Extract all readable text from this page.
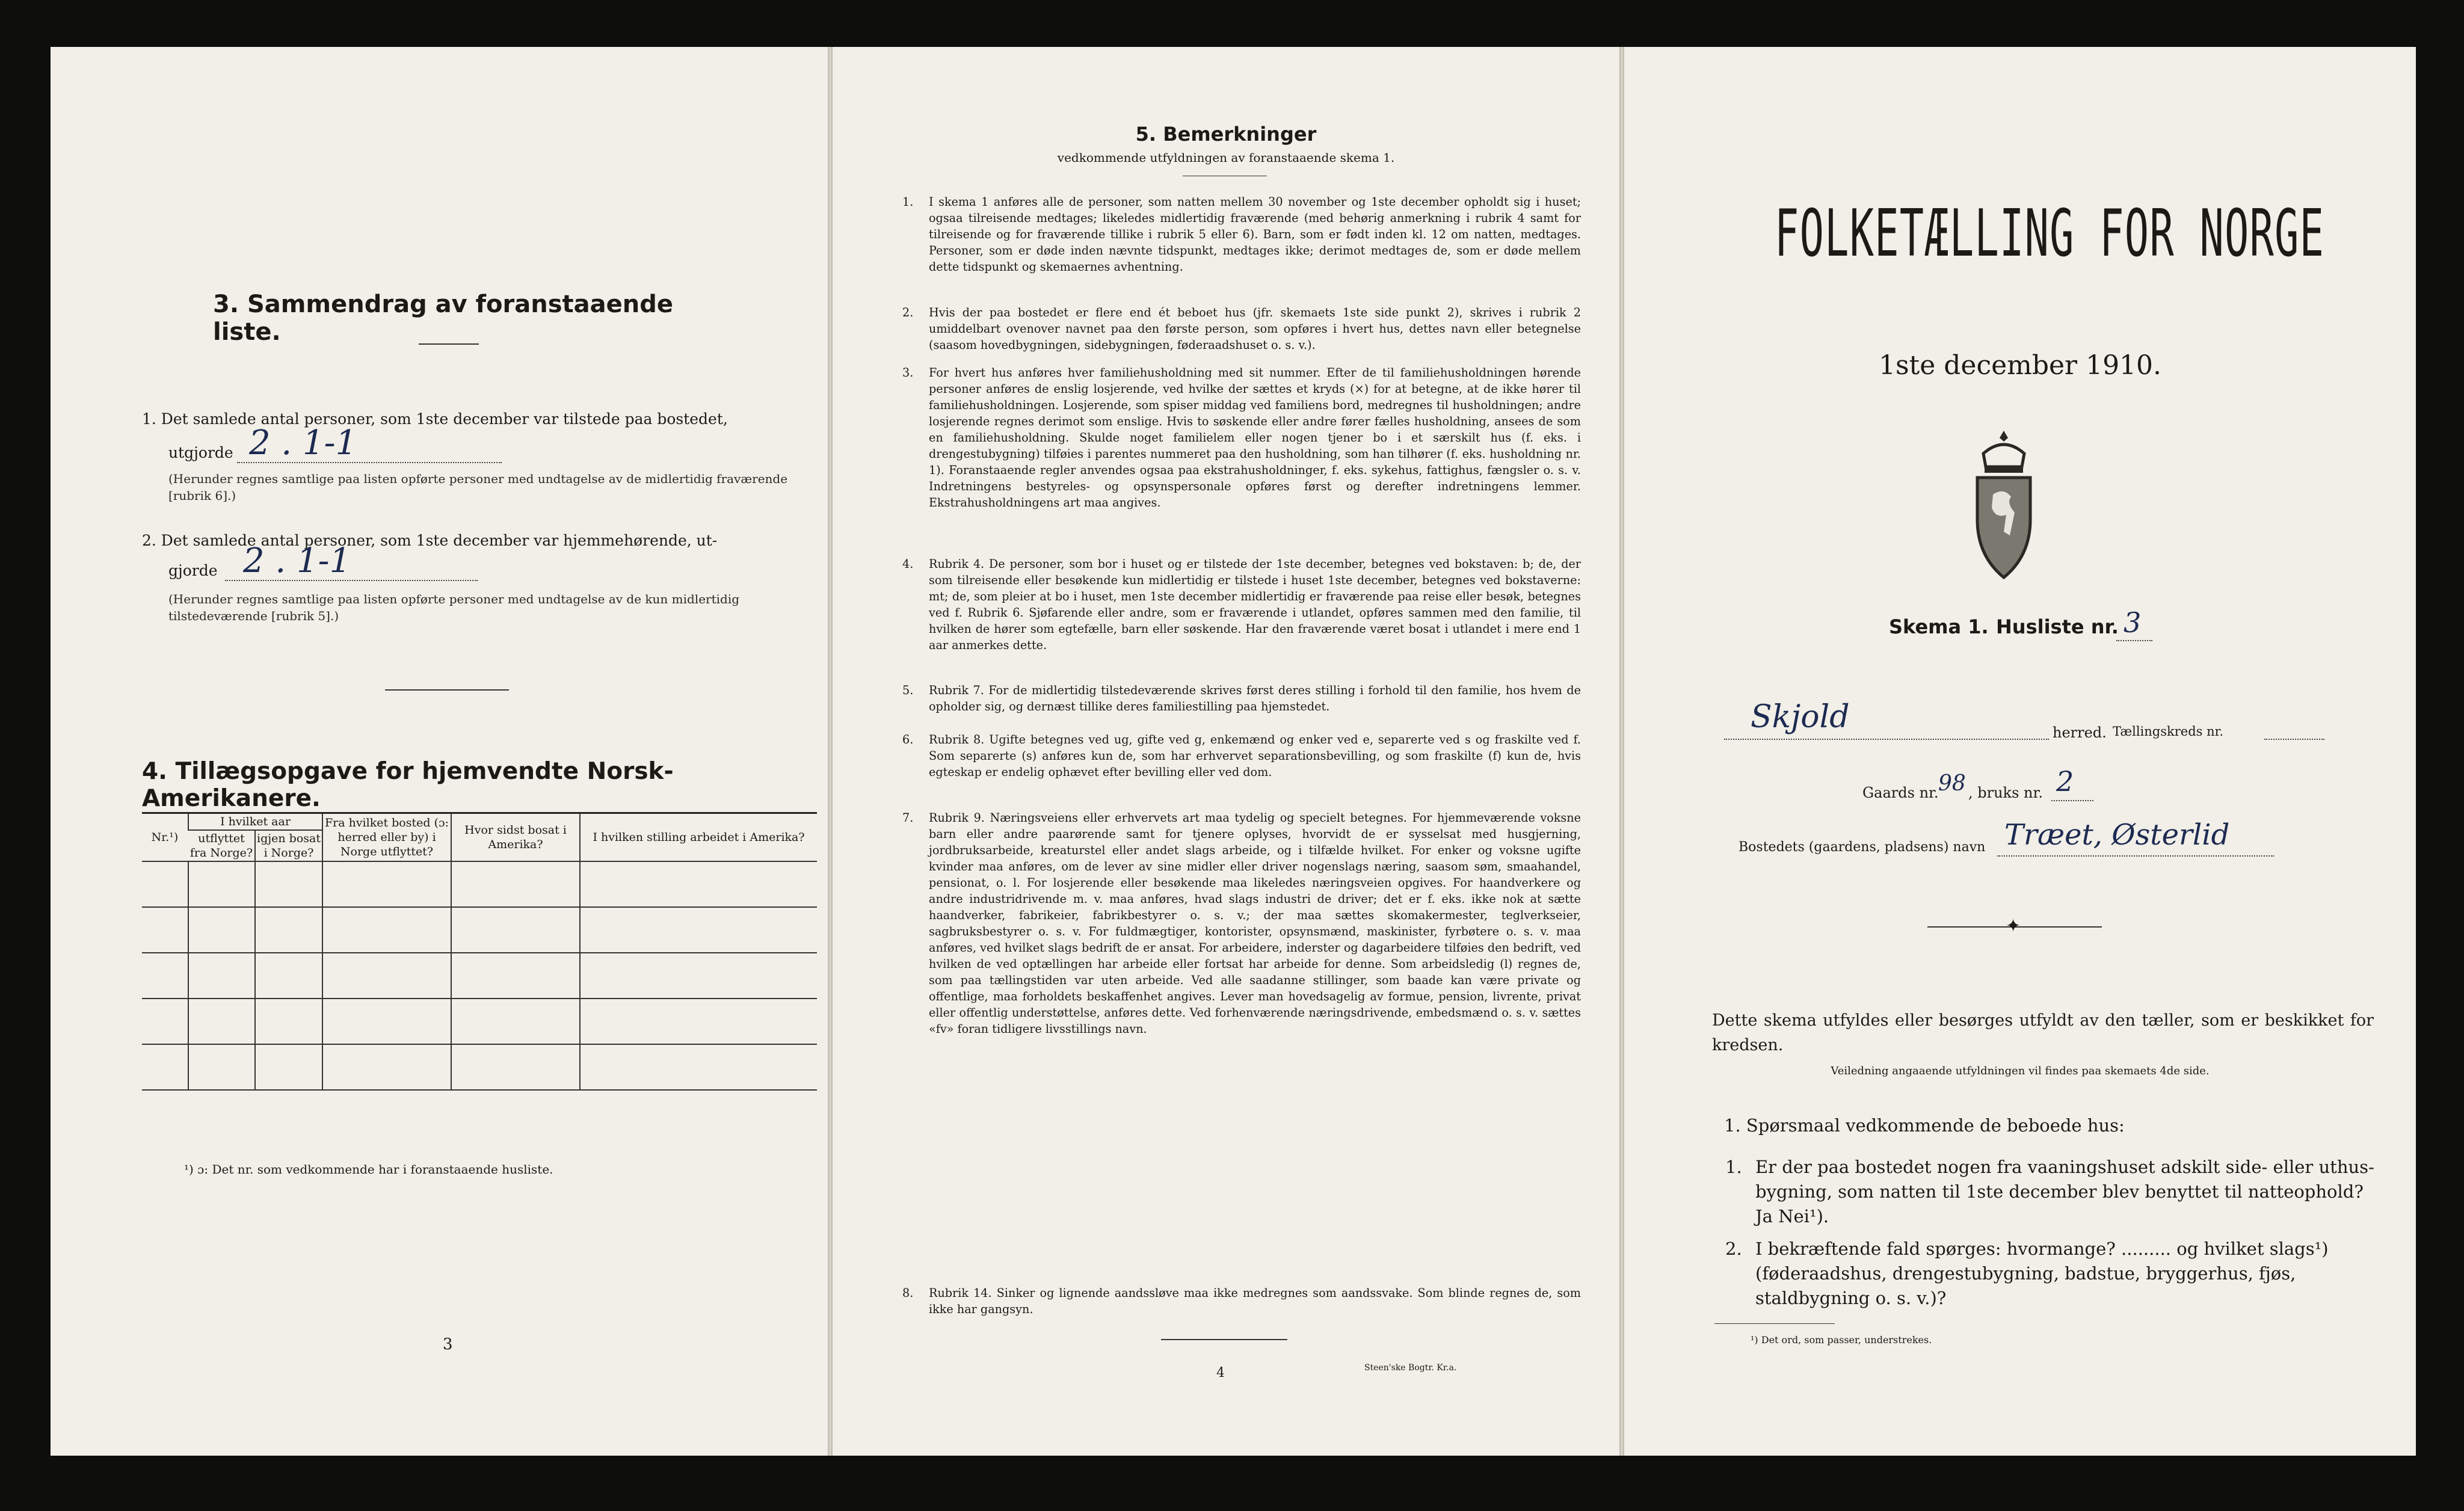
3. Sammendrag av foranstaaende liste.
1. Det samlede antal personer, som 1ste december var tilstede paa bostedet,
utgjorde 2 . 1-1
(Herunder regnes samtlige paa listen opførte personer med undtagelse av de midlertidig fraværende [rubrik 6].)
2. Det samlede antal personer, som 1ste december var hjemmehørende, ut-
gjorde 2 . 1-1
(Herunder regnes samtlige paa listen opførte personer med undtagelse av de kun midlertidig tilstedeværende [rubrik 5].)
4. Tillægsopgave for hjemvendte Norsk-Amerikanere.
Nr.¹)	I hvilket aar		Fra hvilket bosted (ɔ: herred eller by) i Norge utflyttet?	Hvor sidst bosat i Amerika?	I hvilken stilling arbeidet i Amerika?
	utflyttet fra Norge?	igjen bosat i Norge?			

¹) ɔ: Det nr. som vedkommende har i foranstaaende husliste.
3
5. Bemerkninger
vedkommende utfyldningen av foranstaaende skema 1.
1. I skema 1 anføres alle de personer, som natten mellem 30 november og 1ste december opholdt sig i huset; ogsaa tilreisende medtages; likeledes midlertidig fraværende (med behørig anmerkning i rubrik 4 samt for tilreisende og for fraværende tillike i rubrik 5 eller 6). Barn, som er født inden kl. 12 om natten, medtages. Personer, som er døde inden nævnte tidspunkt, medtages ikke; derimot medtages de, som er døde mellem dette tidspunkt og skemaernes avhentning.
2. Hvis der paa bostedet er flere end ét beboet hus (jfr. skemaets 1ste side punkt 2), skrives i rubrik 2 umiddelbart ovenover navnet paa den første person, som opføres i hvert hus, dettes navn eller betegnelse (saasom hovedbygningen, sidebygningen, føderaadshuset o. s. v.).
3. For hvert hus anføres hver familiehusholdning med sit nummer. Efter de til familiehusholdningen hørende personer anføres de enslig losjerende, ved hvilke der sættes et kryds (×) for at betegne, at de ikke hører til familiehusholdningen. Losjerende, som spiser middag ved familiens bord, medregnes til husholdningen; andre losjerende regnes derimot som enslige. Hvis to søskende eller andre fører fælles husholdning, ansees de som en familiehusholdning. Skulde noget familielem eller nogen tjener bo i et særskilt hus (f. eks. i drengestubygning) tilføies i parentes nummeret paa den husholdning, som han tilhører (f. eks. husholdning nr. 1). Foranstaaende regler anvendes ogsaa paa ekstrahusholdninger, f. eks. sykehus, fattighus, fængsler o. s. v. Indretningens bestyreles- og opsynspersonale opføres først og derefter indretningens lemmer. Ekstrahusholdningens art maa angives.
4. Rubrik 4. De personer, som bor i huset og er tilstede der 1ste december, betegnes ved bokstaven: b; de, der som tilreisende eller besøkende kun midlertidig er tilstede i huset 1ste december, betegnes ved bokstaverne: mt; de, som pleier at bo i huset, men 1ste december midlertidig er fraværende paa reise eller besøk, betegnes ved f. Rubrik 6. Sjøfarende eller andre, som er fraværende i utlandet, opføres sammen med den familie, til hvilken de hører som egtefælle, barn eller søskende. Har den fraværende været bosat i utlandet i mere end 1 aar anmerkes dette.
5. Rubrik 7. For de midlertidig tilstedeværende skrives først deres stilling i forhold til den familie, hos hvem de opholder sig, og dernæst tillike deres familiestilling paa hjemstedet.
6. Rubrik 8. Ugifte betegnes ved ug, gifte ved g, enkemænd og enker ved e, separerte ved s og fraskilte ved f. Som separerte (s) anføres kun de, som har erhvervet separationsbevilling, og som fraskilte (f) kun de, hvis egteskap er endelig ophævet efter bevilling eller ved dom.
7. Rubrik 9. Næringsveiens eller erhvervets art maa tydelig og specielt betegnes. For hjemmeværende voksne barn eller andre paarørende samt for tjenere oplyses, hvorvidt de er sysselsat med husgjerning, jordbruksarbeide, kreaturstel eller andet slags arbeide, og i tilfælde hvilket. For enker og voksne ugifte kvinder maa anføres, om de lever av sine midler eller driver nogenslags næring, saasom søm, smaahandel, pensionat, o. l. For losjerende eller besøkende maa likeledes næringsveien opgives. For haandverkere og andre industridrivende m. v. maa anføres, hvad slags industri de driver; det er f. eks. ikke nok at sætte haandverker, fabrikeier, fabrikbestyrer o. s. v.; der maa sættes skomakermester, teglverkseier, sagbruksbestyrer o. s. v. For fuldmægtiger, kontorister, opsynsmænd, maskinister, fyrbøtere o. s. v. maa anføres, ved hvilket slags bedrift de er ansat. For arbeidere, inderster og dagarbeidere tilføies den bedrift, ved hvilken de ved optællingen har arbeide eller fortsat har arbeide for denne. Som arbeidsledig (l) regnes de, som paa tællingstiden var uten arbeide. Ved alle saadanne stillinger, som baade kan være private og offentlige, maa forholdets beskaffenhet angives. Lever man hovedsagelig av formue, pension, livrente, privat eller offentlig understøttelse, anføres dette. Ved forhenværende næringsdrivende, embedsmænd o. s. v. sættes «fv» foran tidligere livsstillings navn.
8. Rubrik 14. Sinker og lignende aandssløve maa ikke medregnes som aandssvake. Som blinde regnes de, som ikke har gangsyn.
4	Steen'ske Bogtr. Kr.a.
FOLKETÆLLING FOR NORGE
1ste december 1910.
Skema 1. Husliste nr. 3
Skjold	herred. Tællingskreds nr.
Gaards nr. 98 , bruks nr. 2
Bostedets (gaardens, pladsens) navn Træet, Østerlid
✦
Dette skema utfyldes eller besørges utfyldt av den tæller, som er beskikket for kredsen.
Veiledning angaaende utfyldningen vil findes paa skemaets 4de side.
1. Spørsmaal vedkommende de beboede hus:
1. Er der paa bostedet nogen fra vaaningshuset adskilt side- eller uthus-bygning, som natten til 1ste december blev benyttet til natteophold? Ja Nei¹).
2. I bekræftende fald spørges: hvormange? ......... og hvilket slags¹) (føderaadshus, drengestubygning, badstue, bryggerhus, fjøs, staldbygning o. s. v.)?
¹) Det ord, som passer, understrekes.
